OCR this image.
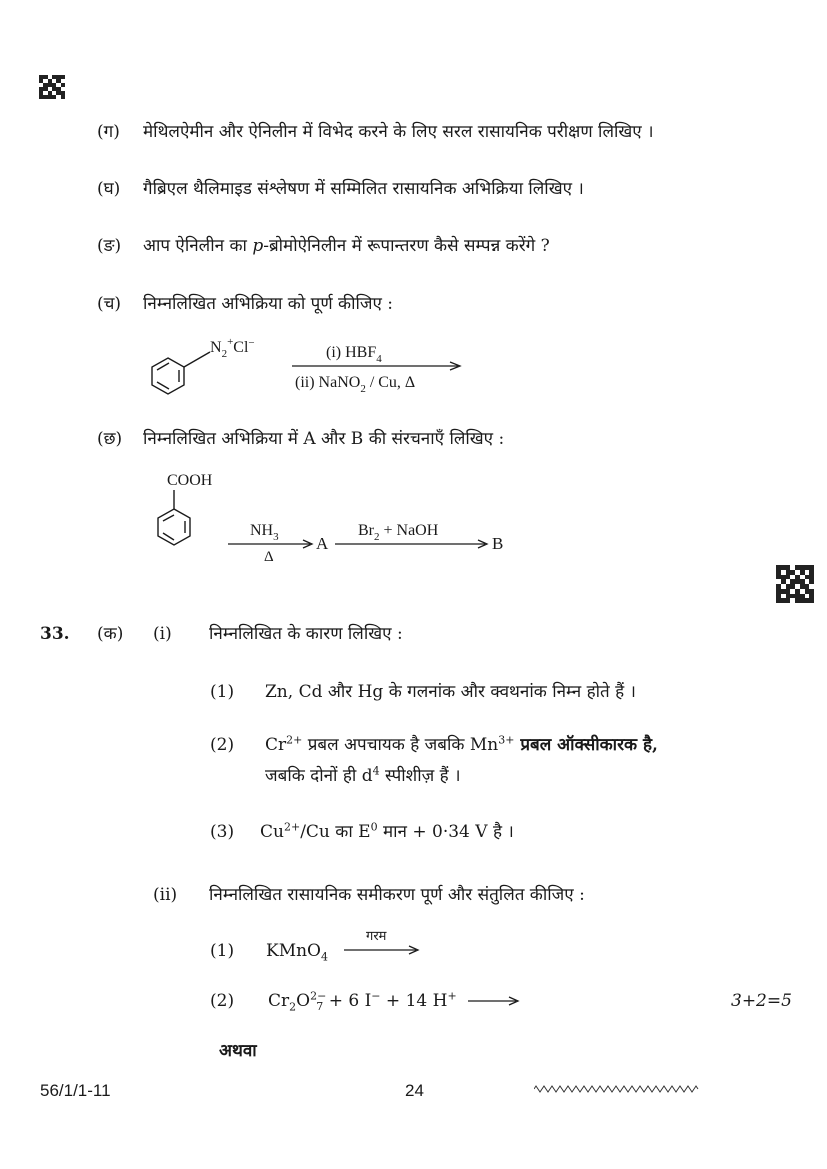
(ग) मेथिलऐमीन और ऐनिलीन में विभेद करने के लिए सरल रासायनिक परीक्षण लिखिए ।
(घ) गैब्रिएल थैलिमाइड संश्लेषण में सम्मिलित रासायनिक अभिक्रिया लिखिए ।
(ङ) आप ऐनिलीन का p-ब्रोमोऐनिलीन में रूपान्तरण कैसे सम्पन्न करेंगे ?
(च) निम्नलिखित अभिक्रिया को पूर्ण कीजिए :
$N_2^+Cl^-$
(i) $HBF_4$
(ii) NaNO$_2$ / Cu, Δ
(छ) निम्नलिखित अभिक्रिया में A और B की संरचनाएँ लिखिए :
COOH
$NH_3$
Δ
A
$Br_2$ + NaOH
B
33. (क) (i) निम्नलिखित के कारण लिखिए :
(1) Zn, Cd और Hg के गलनांक और क्वथनांक निम्न होते हैं ।
(2) $Cr^{2+}$ प्रबल अपचायक है जबकि $Mn^{3+}$ प्रबल ऑक्सीकारक है,
जबकि दोनों ही $d^4$ स्पीशीज़ हैं ।
(3) $Cu^{2+}/Cu$ का $E^0$ मान + 0·34 V है ।
(ii) निम्नलिखित रासायनिक समीकरण पूर्ण और संतुलित कीजिए :
(1) KMnO$_4$
गरम
(2) $Cr_2O^{2-}_7 + 6$ I− + 14 H+	3+2=5
अथवा
56/1/1-11	24
